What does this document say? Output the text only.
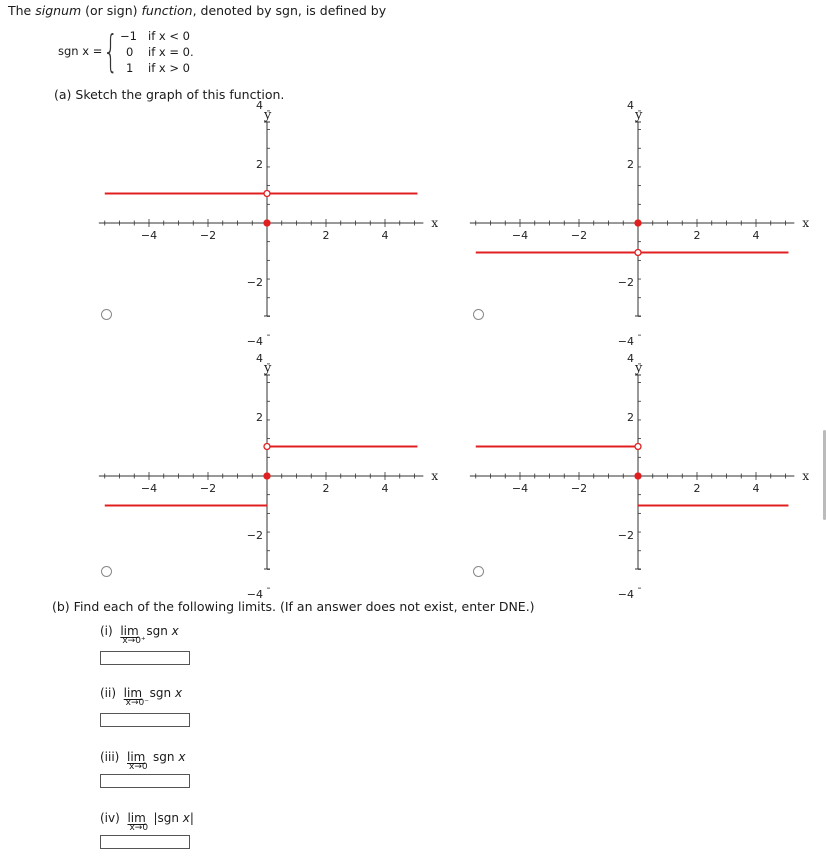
The signum (or sign) function, denoted by sgn, is defined by
sgn x = { −1 if x < 0
0 if x = 0.
1 if x > 0
(a) Sketch the graph of this function.
y
x
4
2
−2
−4
−4	−2	2	4
y
x
4
2
−2
−4
−4	−2	2	4
y
x
4
2
−2
−4
−4	−2	2	4
y
x
4
2
−2
−4
−4	−2	2	4
(b) Find each of the following limits. (If an answer does not exist, enter DNE.)
(i) lim
x→0⁺
sgn x
(ii) lim
x→0⁻
sgn x
(iii) lim
x→0
sgn x
(iv) lim
x→0
|sgn x|
